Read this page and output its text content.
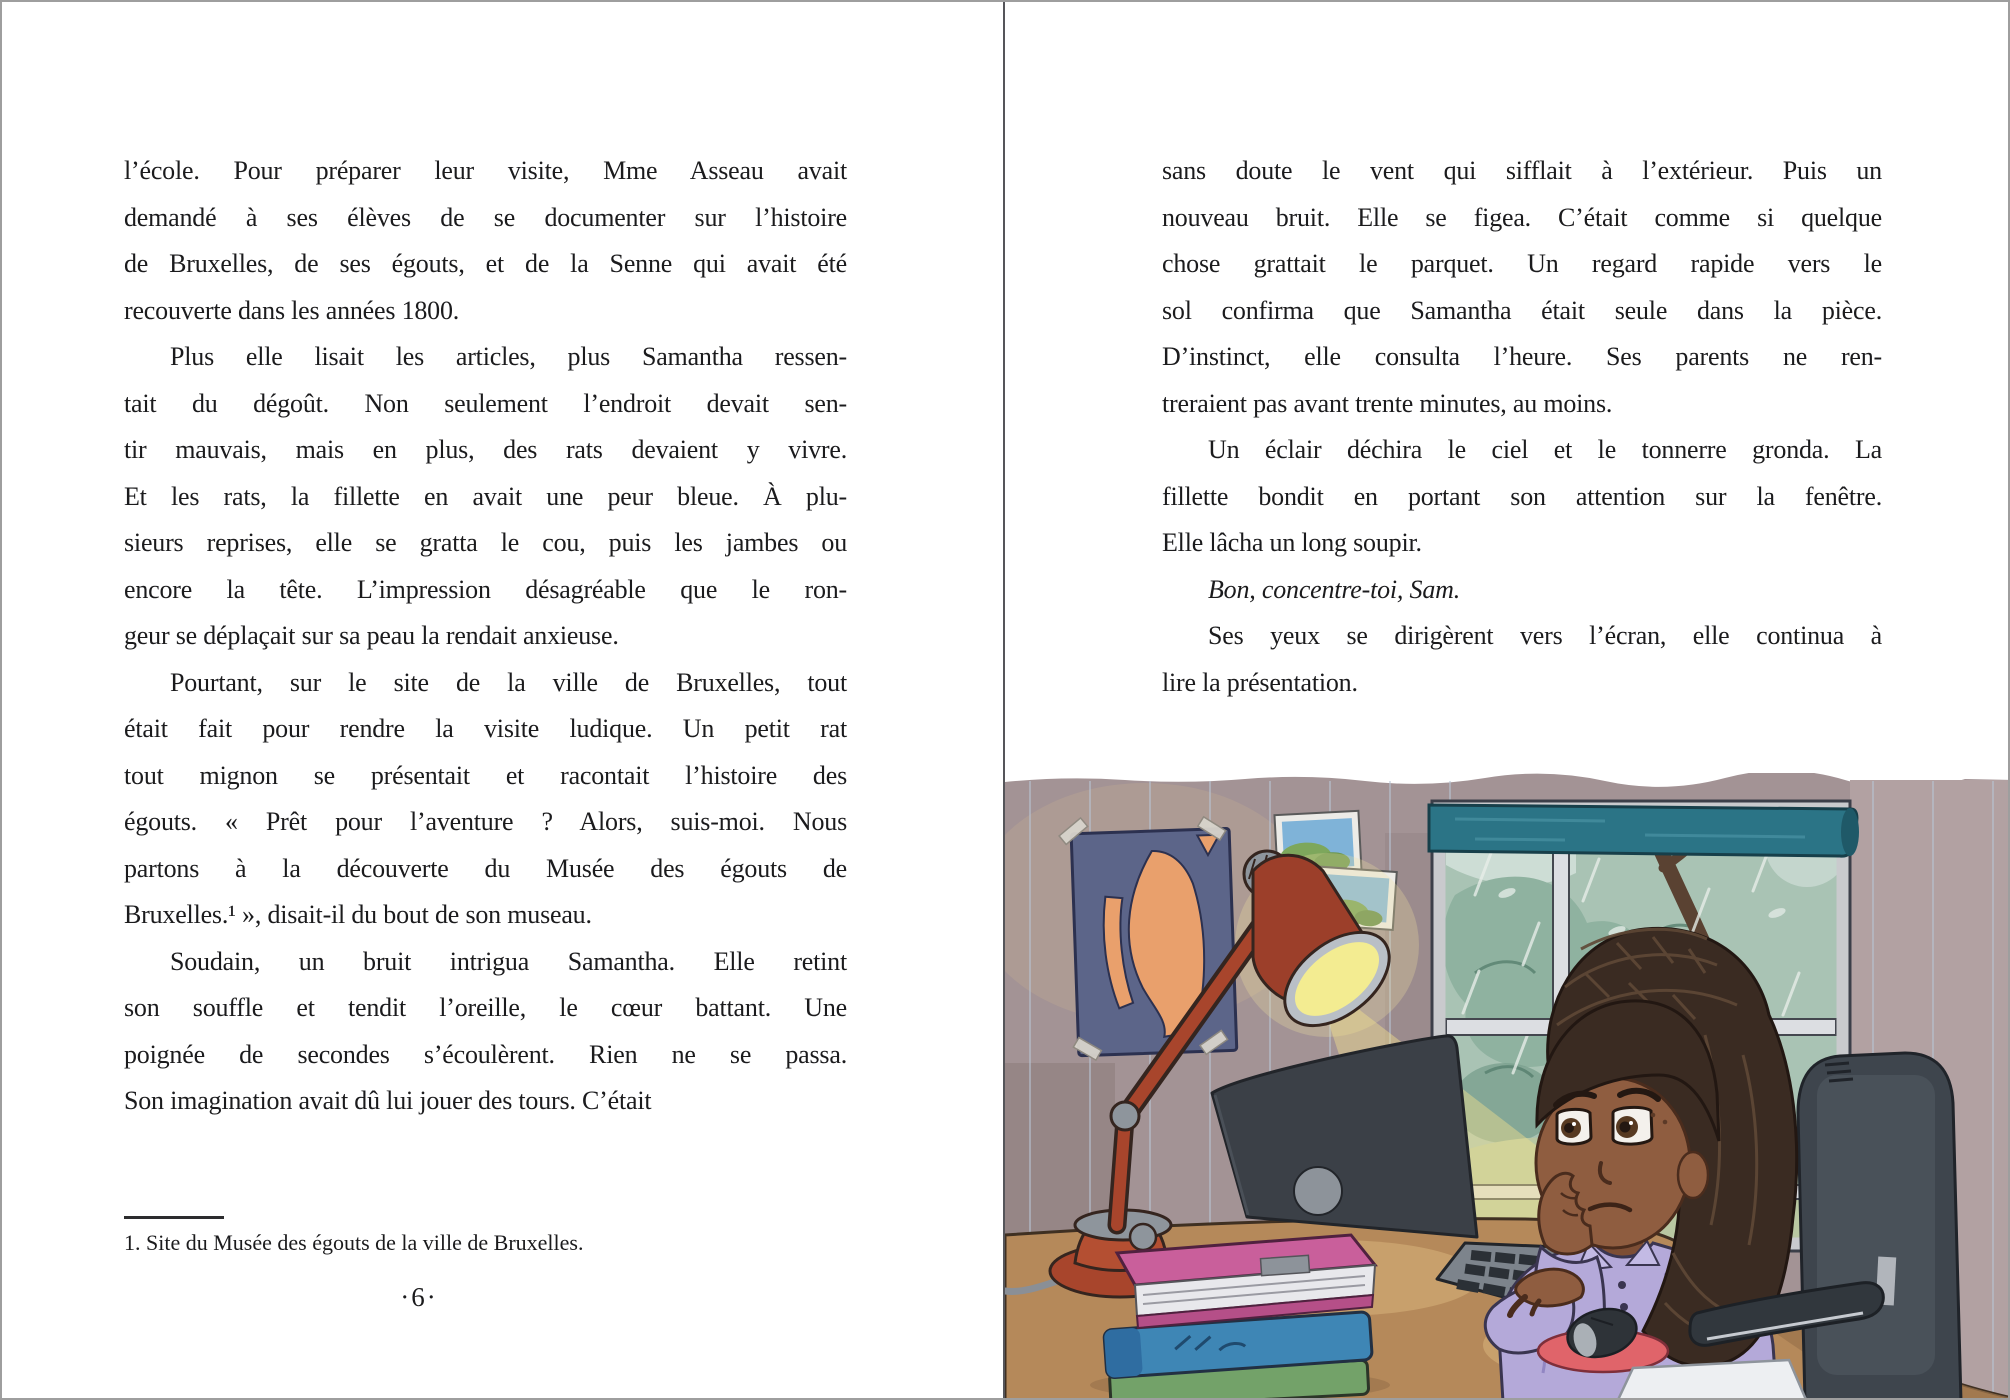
l’école. Pour préparer leur visite, Mme Asseau avait
demandé à ses élèves de se documenter sur l’histoire
de Bruxelles, de ses égouts, et de la Senne qui avait été
recouverte dans les années 1800.
Plus elle lisait les articles, plus Samantha ressen-
tait du dégoût. Non seulement l’endroit devait sen-
tir mauvais, mais en plus, des rats devaient y vivre.
Et les rats, la fillette en avait une peur bleue. À plu-
sieurs reprises, elle se gratta le cou, puis les jambes ou
encore la tête. L’impression désagréable que le ron-
geur se déplaçait sur sa peau la rendait anxieuse.
Pourtant, sur le site de la ville de Bruxelles, tout
était fait pour rendre la visite ludique. Un petit rat
tout mignon se présentait et racontait l’histoire des
égouts. « Prêt pour l’aventure ? Alors, suis-moi. Nous
partons à la découverte du Musée des égouts de
Bruxelles.¹ », disait-il du bout de son museau.
Soudain, un bruit intrigua Samantha. Elle retint
son souffle et tendit l’oreille, le cœur battant. Une
poignée de secondes s’écoulèrent. Rien ne se passa.
Son imagination avait dû lui jouer des tours. C’était
1. Site du Musée des égouts de la ville de Bruxelles.
·6·
sans doute le vent qui sifflait à l’extérieur. Puis un
nouveau bruit. Elle se figea. C’était comme si quelque
chose grattait le parquet. Un regard rapide vers le
sol confirma que Samantha était seule dans la pièce.
D’instinct, elle consulta l’heure. Ses parents ne ren-
treraient pas avant trente minutes, au moins.
Un éclair déchira le ciel et le tonnerre gronda. La
fillette bondit en portant son attention sur la fenêtre.
Elle lâcha un long soupir.
Bon, concentre-toi, Sam.
Ses yeux se dirigèrent vers l’écran, elle continua à
lire la présentation.
